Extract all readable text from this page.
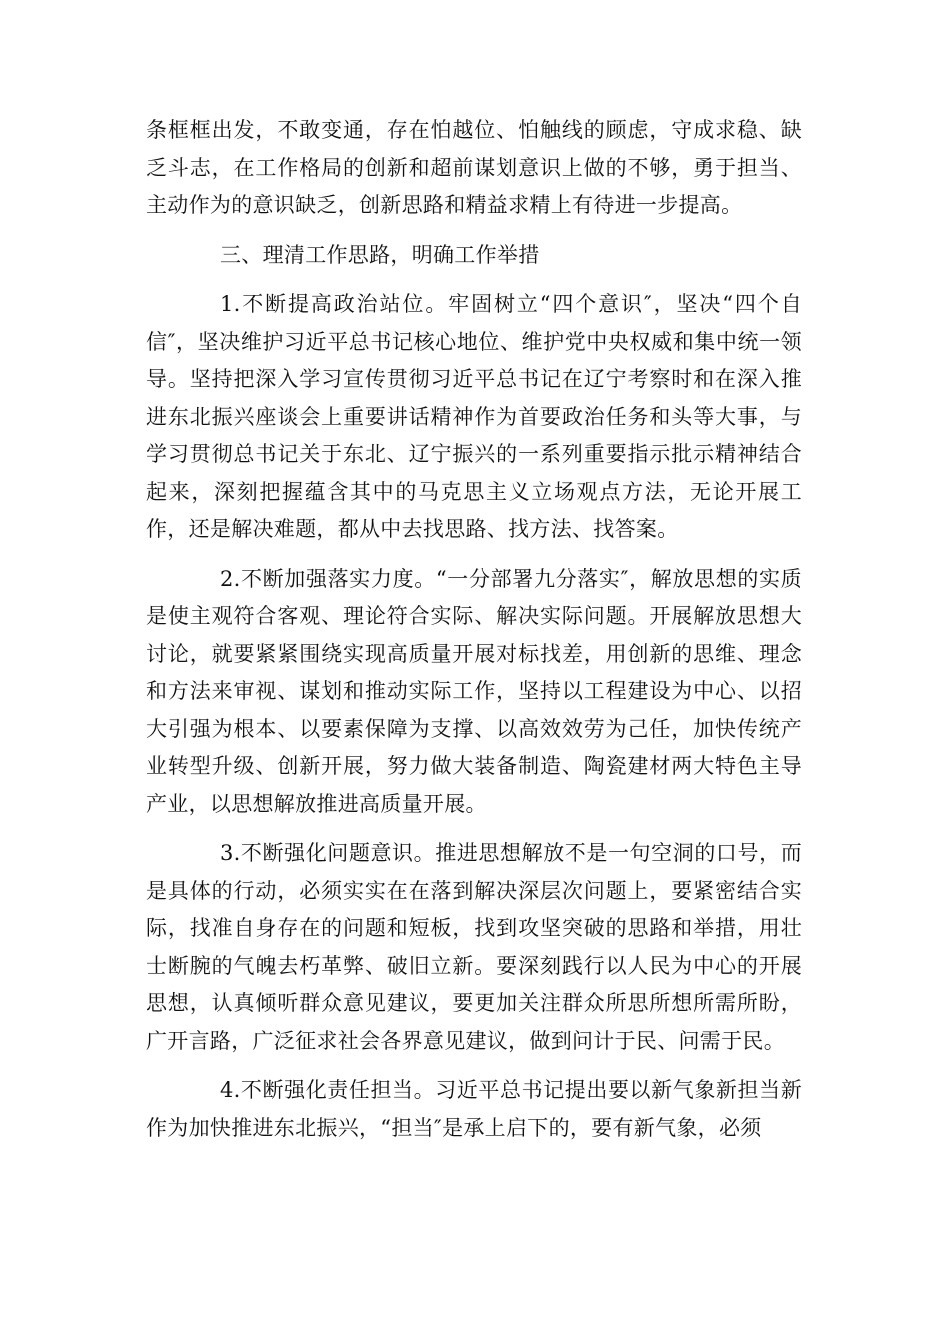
条框框出发，不敢变通，存在怕越位、怕触线的顾虑，守成求稳、缺乏斗志，在工作格局的创新和超前谋划意识上做的不够，勇于担当、主动作为的意识缺乏，创新思路和精益求精上有待进一步提高。

三、理清工作思路，明确工作举措

1.不断提高政治站位。牢固树立“四个意识″，坚决“四个自信″，坚决维护习近平总书记核心地位、维护党中央权威和集中统一领导。坚持把深入学习宣传贯彻习近平总书记在辽宁考察时和在深入推进东北振兴座谈会上重要讲话精神作为首要政治任务和头等大事，与学习贯彻总书记关于东北、辽宁振兴的一系列重要指示批示精神结合起来，深刻把握蕴含其中的马克思主义立场观点方法，无论开展工作，还是解决难题，都从中去找思路、找方法、找答案。

2.不断加强落实力度。“一分部署九分落实″，解放思想的实质是使主观符合客观、理论符合实际、解决实际问题。开展解放思想大讨论，就要紧紧围绕实现高质量开展对标找差，用创新的思维、理念和方法来审视、谋划和推动实际工作，坚持以工程建设为中心、以招大引强为根本、以要素保障为支撑、以高效效劳为己任，加快传统产业转型升级、创新开展，努力做大装备制造、陶瓷建材两大特色主导产业，以思想解放推进高质量开展。

3.不断强化问题意识。推进思想解放不是一句空洞的口号，而是具体的行动，必须实实在在落到解决深层次问题上，要紧密结合实际，找准自身存在的问题和短板，找到攻坚突破的思路和举措，用壮士断腕的气魄去朽革弊、破旧立新。要深刻践行以人民为中心的开展思想，认真倾听群众意见建议，要更加关注群众所思所想所需所盼，广开言路，广泛征求社会各界意见建议，做到问计于民、问需于民。

4.不断强化责任担当。习近平总书记提出要以新气象新担当新作为加快推进东北振兴，“担当″是承上启下的，要有新气象，必须
